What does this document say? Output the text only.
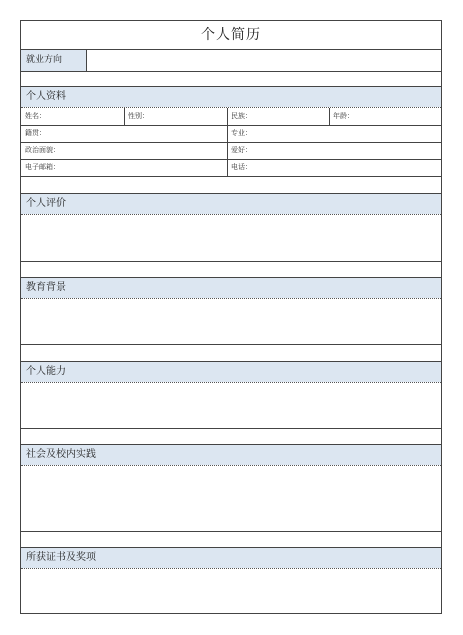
个人简历
就业方向
个人资料
姓名：	性别：	民族：	年龄：
籍贯：	专业：
政治面貌：	爱好：
电子邮箱：	电话：
个人评价
教育背景
个人能力
社会及校内实践
所获证书及奖项
